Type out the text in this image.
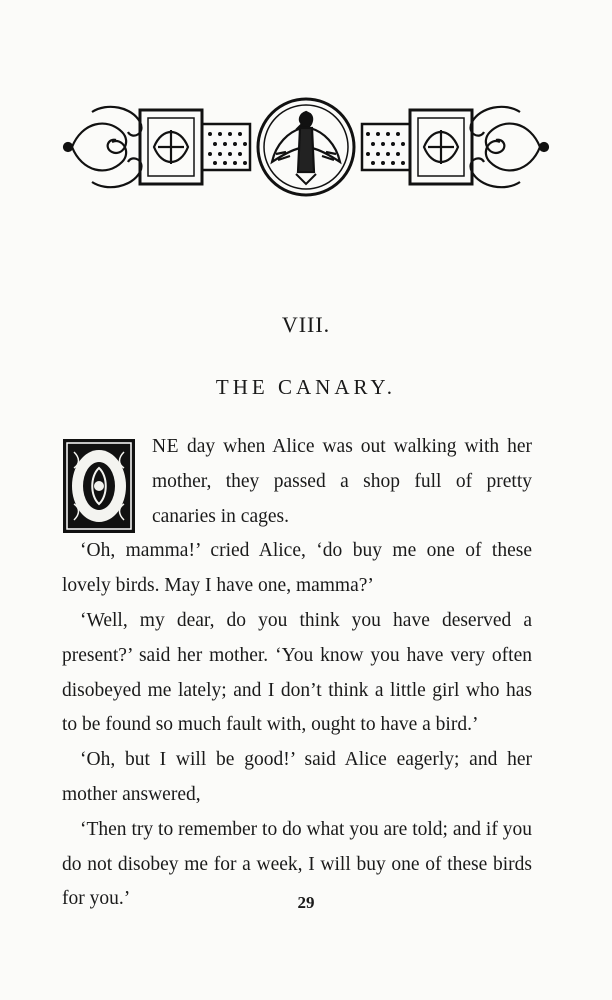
VIII.
THE CANARY.

NE day when Alice was out walking with her mother, they passed a shop full of pretty canaries in cages.

‘Oh, mamma!’ cried Alice, ‘do buy me one of these lovely birds. May I have one, mamma?’

‘Well, my dear, do you think you have deserved a present?’ said her mother. ‘You know you have very often disobeyed me lately; and I don’t think a little girl who has to be found so much fault with, ought to have a bird.’

‘Oh, but I will be good!’ said Alice eagerly; and her mother answered,

‘Then try to remember to do what you are told; and if you do not disobey me for a week, I will buy one of these birds for you.’	29
